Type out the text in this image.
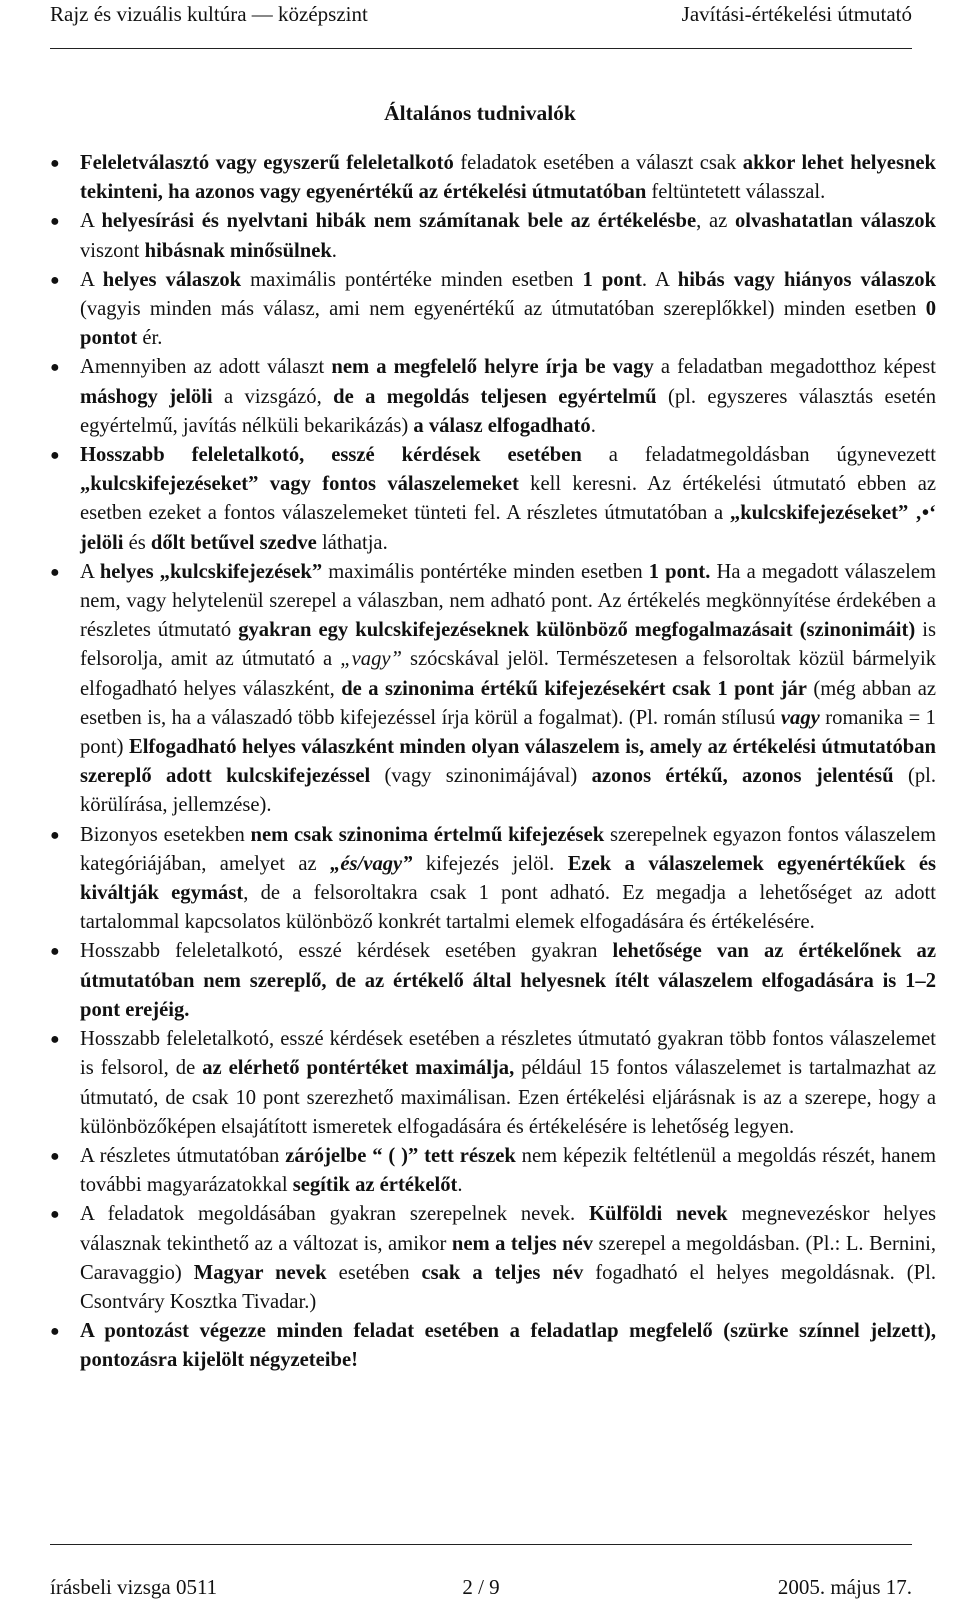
Rajz és vizuális kultúra — középszint	Javítási-értékelési útmutató
Általános tudnivalók
● Feleletválasztó vagy egyszerű feleletalkotó feladatok esetében a választ csak akkor lehet helyesnek tekinteni, ha azonos vagy egyenértékű az értékelési útmutatóban feltüntetett válasszal.
● A helyesírási és nyelvtani hibák nem számítanak bele az értékelésbe, az olvashatatlan válaszok viszont hibásnak minősülnek.
● A helyes válaszok maximális pontértéke minden esetben 1 pont. A hibás vagy hiányos válaszok (vagyis minden más válasz, ami nem egyenértékű az útmutatóban szereplőkkel) minden esetben 0 pontot ér.
● Amennyiben az adott választ nem a megfelelő helyre írja be vagy a feladatban megadotthoz képest máshogy jelöli a vizsgázó, de a megoldás teljesen egyértelmű (pl. egyszeres választás esetén egyértelmű, javítás nélküli bekarikázás) a válasz elfogadható.
● Hosszabb feleletalkotó, esszé kérdések esetében a feladatmegoldásban úgynevezett „kulcskifejezéseket” vagy fontos válaszelemeket kell keresni. Az értékelési útmutató ebben az esetben ezeket a fontos válaszelemeket tünteti fel. A részletes útmutatóban a „kulcskifejezéseket” ‚•‘ jelöli és dőlt betűvel szedve láthatja.
● A helyes „kulcskifejezések” maximális pontértéke minden esetben 1 pont. Ha a megadott válaszelem nem, vagy helytelenül szerepel a válaszban, nem adható pont. Az értékelés megkönnyítése érdekében a részletes útmutató gyakran egy kulcskifejezéseknek különböző megfogalmazásait (szinonimáit) is felsorolja, amit az útmutató a „vagy” szócskával jelöl. Természetesen a felsoroltak közül bármelyik elfogadható helyes válaszként, de a szinonima értékű kifejezésekért csak 1 pont jár (még abban az esetben is, ha a válaszadó több kifejezéssel írja körül a fogalmat). (Pl. román stílusú vagy romanika = 1 pont) Elfogadható helyes válaszként minden olyan válaszelem is, amely az értékelési útmutatóban szereplő adott kulcskifejezéssel (vagy szinonimájával) azonos értékű, azonos jelentésű (pl. körülírása, jellemzése).
● Bizonyos esetekben nem csak szinonima értelmű kifejezések szerepelnek egyazon fontos válaszelem kategóriájában, amelyet az „és/vagy” kifejezés jelöl. Ezek a válaszelemek egyenértékűek és kiváltják egymást, de a felsoroltakra csak 1 pont adható. Ez megadja a lehetőséget az adott tartalommal kapcsolatos különböző konkrét tartalmi elemek elfogadására és értékelésére.
● Hosszabb feleletalkotó, esszé kérdések esetében gyakran lehetősége van az értékelőnek az útmutatóban nem szereplő, de az értékelő által helyesnek ítélt válaszelem elfogadására is 1–2 pont erejéig.
● Hosszabb feleletalkotó, esszé kérdések esetében a részletes útmutató gyakran több fontos válaszelemet is felsorol, de az elérhető pontértéket maximálja, például 15 fontos válaszelemet is tartalmazhat az útmutató, de csak 10 pont szerezhető maximálisan. Ezen értékelési eljárásnak is az a szerepe, hogy a különbözőképen elsajátított ismeretek elfogadására és értékelésére is lehetőség legyen.
● A részletes útmutatóban zárójelbe “ ( )” tett részek nem képezik feltétlenül a megoldás részét, hanem további magyarázatokkal segítik az értékelőt.
● A feladatok megoldásában gyakran szerepelnek nevek. Külföldi nevek megnevezéskor helyes válasznak tekinthető az a változat is, amikor nem a teljes név szerepel a megoldásban. (Pl.: L. Bernini, Caravaggio) Magyar nevek esetében csak a teljes név fogadható el helyes megoldásnak. (Pl. Csontváry Kosztka Tivadar.)
● A pontozást végezze minden feladat esetében a feladatlap megfelelő (szürke színnel jelzett), pontozásra kijelölt négyzeteibe!
írásbeli vizsga 0511	2 / 9	2005. május 17.
